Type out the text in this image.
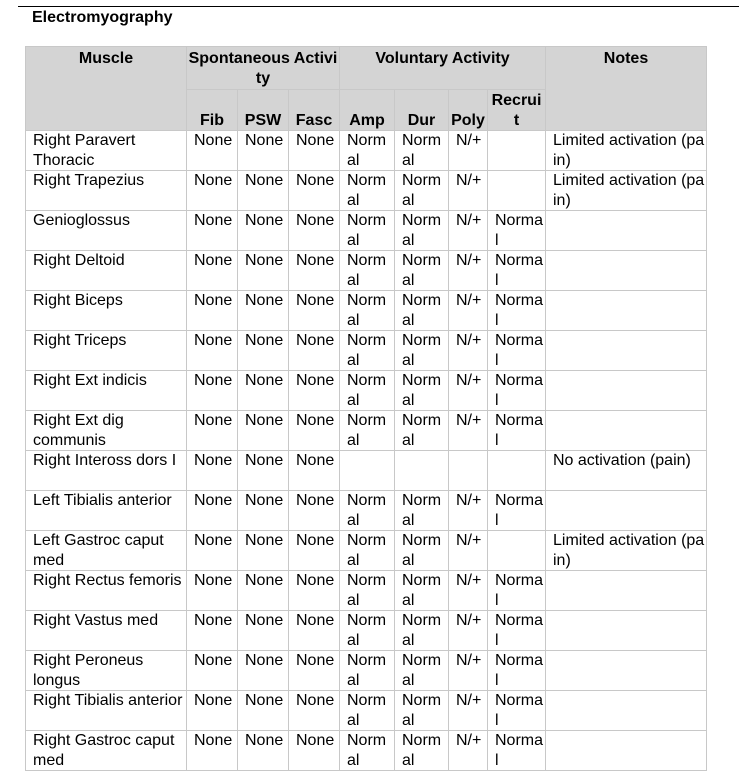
Electromyography
Muscle	Spontaneous Activity			Voluntary Activity				Notes
	Fib	PSW	Fasc	Amp	Dur	Poly	Recruit	
Right Paravert Thoracic	None	None	None	Normal	Normal	N/+		Limited activation (pain)
Right Trapezius	None	None	None	Normal	Normal	N/+		Limited activation (pain)
Genioglossus	None	None	None	Normal	Normal	N/+	Normal	
Right Deltoid	None	None	None	Normal	Normal	N/+	Normal	
Right Biceps	None	None	None	Normal	Normal	N/+	Normal	
Right Triceps	None	None	None	Normal	Normal	N/+	Normal	
Right Ext indicis	None	None	None	Normal	Normal	N/+	Normal	
Right Ext dig communis	None	None	None	Normal	Normal	N/+	Normal	
Right Inteross dors I	None	None	None					No activation (pain)
Left Tibialis anterior	None	None	None	Normal	Normal	N/+	Normal	
Left Gastroc caput med	None	None	None	Normal	Normal	N/+		Limited activation (pain)
Right Rectus femoris	None	None	None	Normal	Normal	N/+	Normal	
Right Vastus med	None	None	None	Normal	Normal	N/+	Normal	
Right Peroneus longus	None	None	None	Normal	Normal	N/+	Normal	
Right Tibialis anterior	None	None	None	Normal	Normal	N/+	Normal	
Right Gastroc caput med	None	None	None	Normal	Normal	N/+	Normal	
